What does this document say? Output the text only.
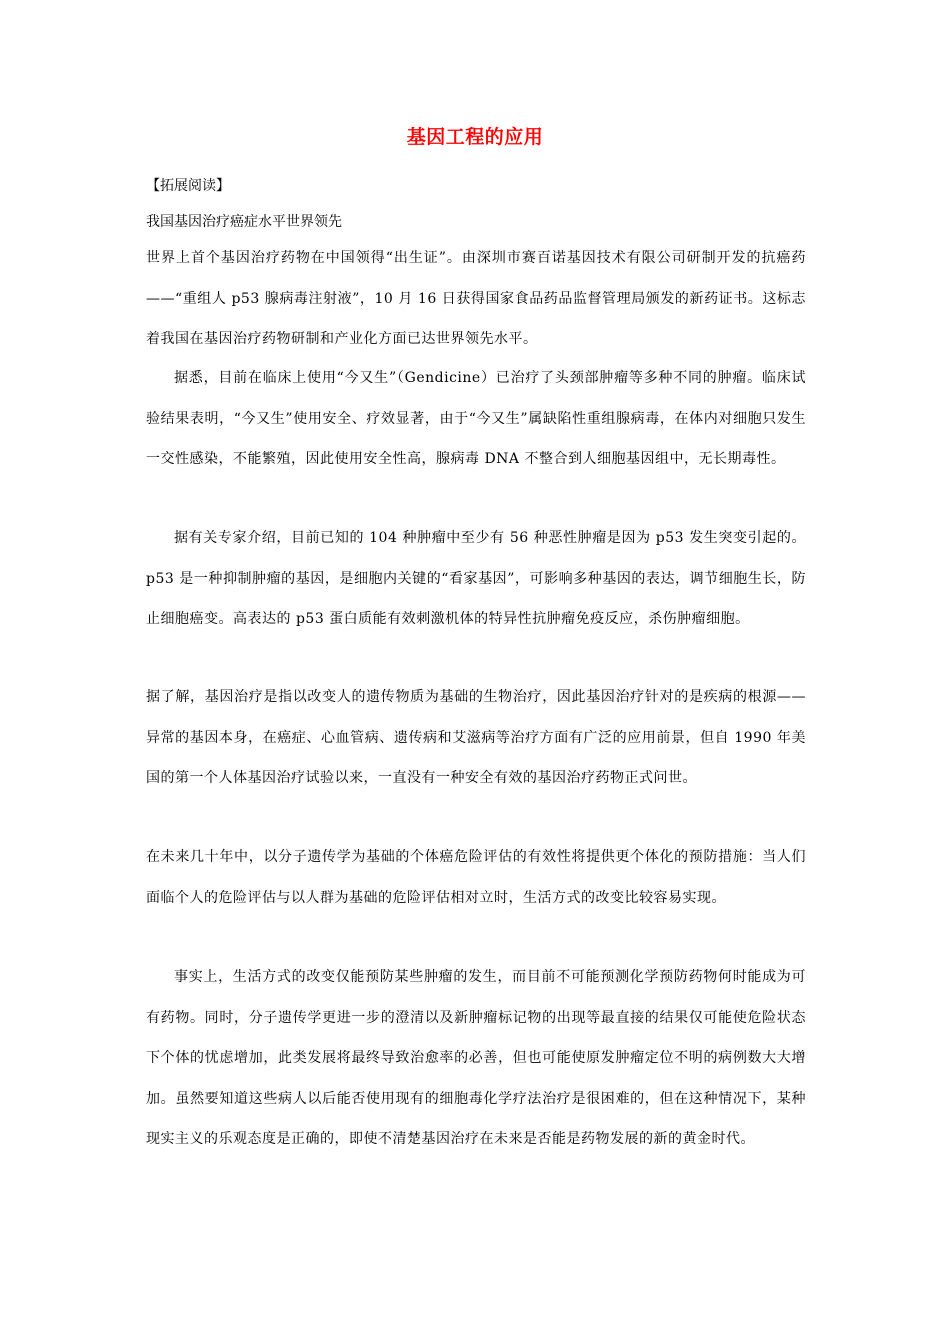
基因工程的应用
【拓展阅读】
我国基因治疗癌症水平世界领先

世界上首个基因治疗药物在中国领得“出生证”。由深圳市赛百诺基因技术有限公司研制开发的抗癌药——“重组人 p53 腺病毒注射液”，10 月 16 日获得国家食品药品监督管理局颁发的新药证书。这标志着我国在基因治疗药物研制和产业化方面已达世界领先水平。

据悉，目前在临床上使用“今又生”（Gendicine）已治疗了头颈部肿瘤等多种不同的肿瘤。临床试验结果表明，“今又生”使用安全、疗效显著，由于“今又生”属缺陷性重组腺病毒，在体内对细胞只发生一交性感染，不能繁殖，因此使用安全性高，腺病毒 DNA 不整合到人细胞基因组中，无长期毒性。

据有关专家介绍，目前已知的 104 种肿瘤中至少有 56 种恶性肿瘤是因为 p53 发生突变引起的。p53 是一种抑制肿瘤的基因，是细胞内关键的“看家基因”，可影响多种基因的表达，调节细胞生长，防止细胞癌变。高表达的 p53 蛋白质能有效刺激机体的特异性抗肿瘤免疫反应，杀伤肿瘤细胞。

据了解，基因治疗是指以改变人的遗传物质为基础的生物治疗，因此基因治疗针对的是疾病的根源——异常的基因本身，在癌症、心血管病、遗传病和艾滋病等治疗方面有广泛的应用前景，但自 1990 年美国的第一个人体基因治疗试验以来，一直没有一种安全有效的基因治疗药物正式问世。

在未来几十年中，以分子遗传学为基础的个体癌危险评估的有效性将提供更个体化的预防措施：当人们面临个人的危险评估与以人群为基础的危险评估相对立时，生活方式的改变比较容易实现。

事实上，生活方式的改变仅能预防某些肿瘤的发生，而目前不可能预测化学预防药物何时能成为可有药物。同时，分子遗传学更进一步的澄清以及新肿瘤标记物的出现等最直接的结果仅可能使危险状态下个体的忧虑增加，此类发展将最终导致治愈率的必善，但也可能使原发肿瘤定位不明的病例数大大增加。虽然要知道这些病人以后能否使用现有的细胞毒化学疗法治疗是很困难的，但在这种情况下，某种现实主义的乐观态度是正确的，即使不清楚基因治疗在未来是否能是药物发展的新的黄金时代。
